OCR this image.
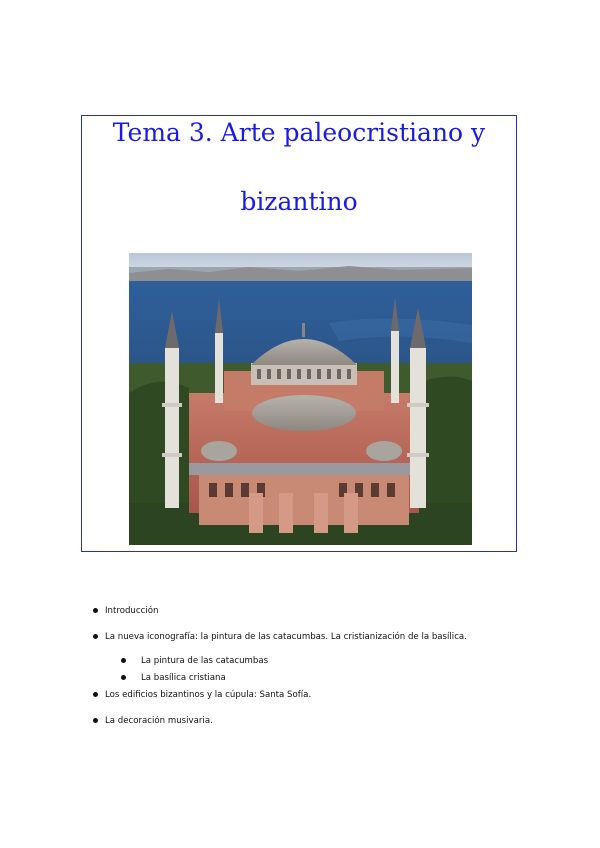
Tema 3. Arte paleocristiano y
bizantino
Introducción
La nueva iconografía: la pintura de las catacumbas. La cristianización de la basílica.
La pintura de las catacumbas
La basílica cristiana
Los edificios bizantinos y la cúpula: Santa Sofía.
La decoración musivaria.
